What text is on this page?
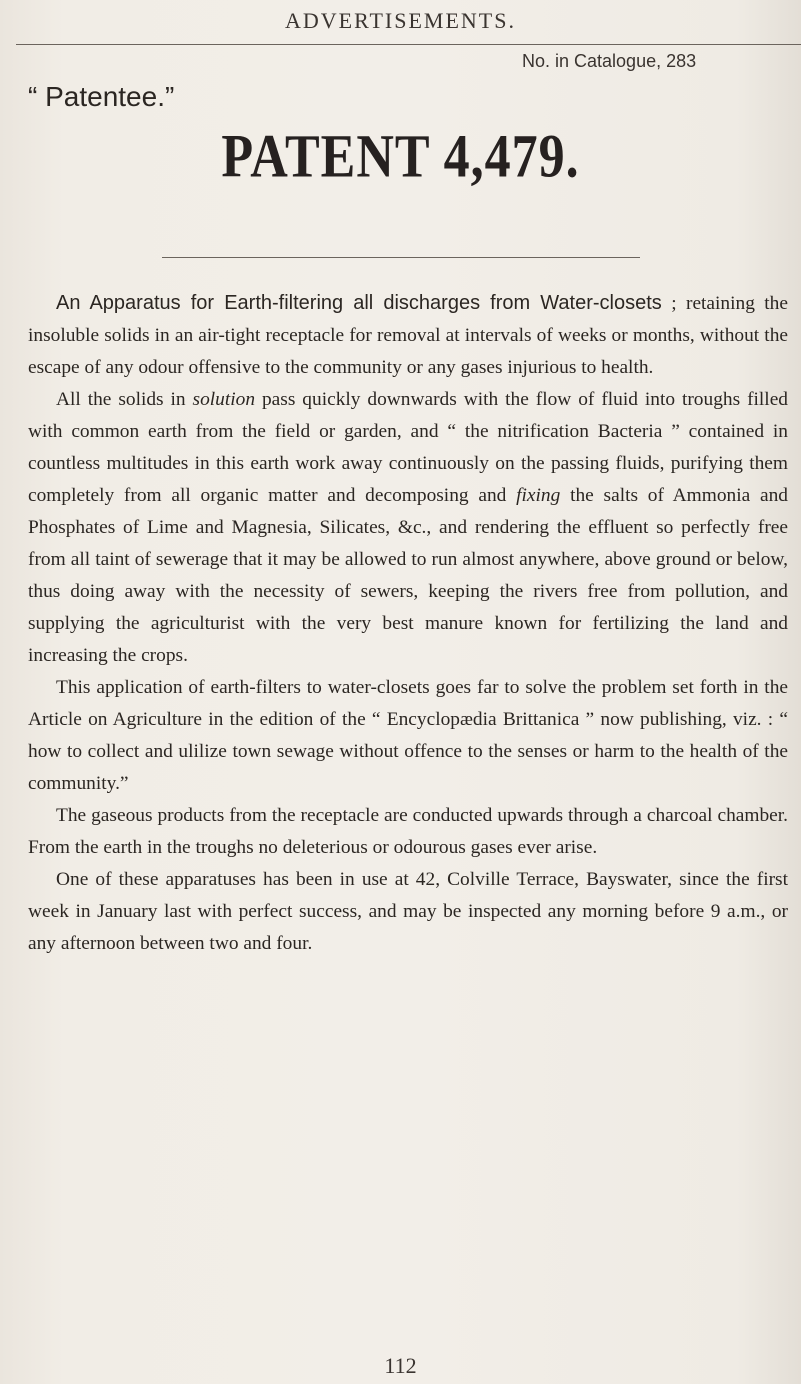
ADVERTISEMENTS.
No. in Catalogue, 283
“ Patentee.”
PATENT 4,479.

An Apparatus for Earth-filtering all discharges from Water-closets ; retaining the insoluble solids in an air-tight receptacle for removal at intervals of weeks or months, without the escape of any odour offensive to the community or any gases injurious to health.

All the solids in solution pass quickly downwards with the flow of fluid into troughs filled with common earth from the field or garden, and “ the nitrification Bacteria ” contained in countless multitudes in this earth work away continuously on the passing fluids, purifying them completely from all organic matter and decomposing and fixing the salts of Ammonia and Phosphates of Lime and Magnesia, Silicates, &c., and rendering the effluent so perfectly free from all taint of sewerage that it may be allowed to run almost anywhere, above ground or below, thus doing away with the necessity of sewers, keeping the rivers free from pollution, and supplying the agriculturist with the very best manure known for fertilizing the land and increasing the crops.

This application of earth-filters to water-closets goes far to solve the problem set forth in the Article on Agriculture in the edition of the “ Encyclopædia Brittanica ” now publishing, viz. : “ how to collect and ulilize town sewage without offence to the senses or harm to the health of the community.”

The gaseous products from the receptacle are conducted upwards through a charcoal chamber. From the earth in the troughs no deleterious or odourous gases ever arise.

One of these apparatuses has been in use at 42, Colville Terrace, Bayswater, since the first week in January last with perfect success, and may be inspected any morning before 9 a.m., or any afternoon between two and four.

112
